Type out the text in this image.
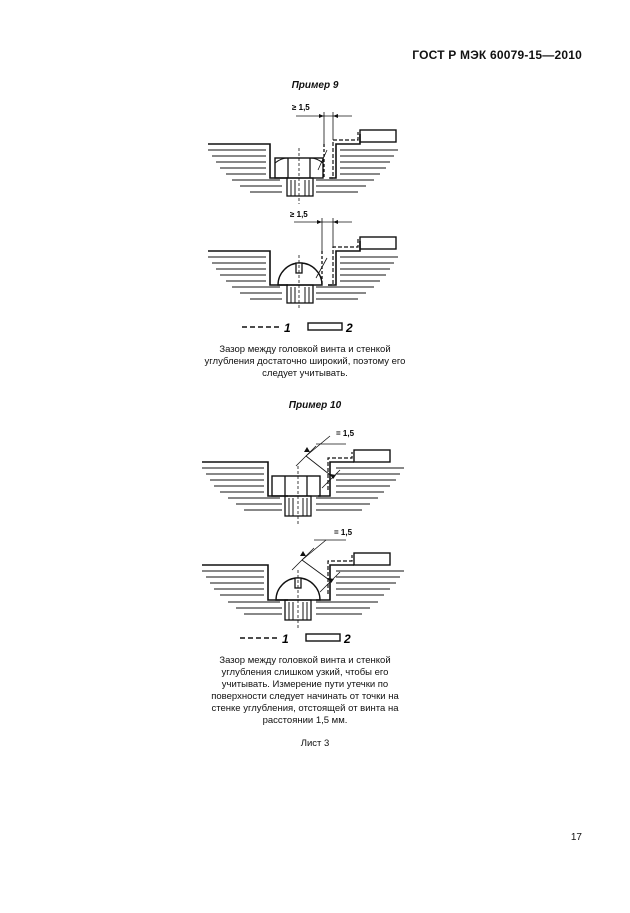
ГОСТ Р МЭК 60079-15—2010
Пример 9
≥ 1,5
≥ 1,5
1	2
= 1,5
= 1,5
1	2
Зазор между головкой винта и стенкой углубления достаточно широкий, поэтому его следует учитывать.
Пример 10
Зазор между головкой винта и стенкой углубления слишком узкий, чтобы его учитывать. Измерение пути утечки по поверхности следует начинать от точки на стенке углубления, отстоящей от винта на расстоянии 1,5 мм.
Лист 3
17
